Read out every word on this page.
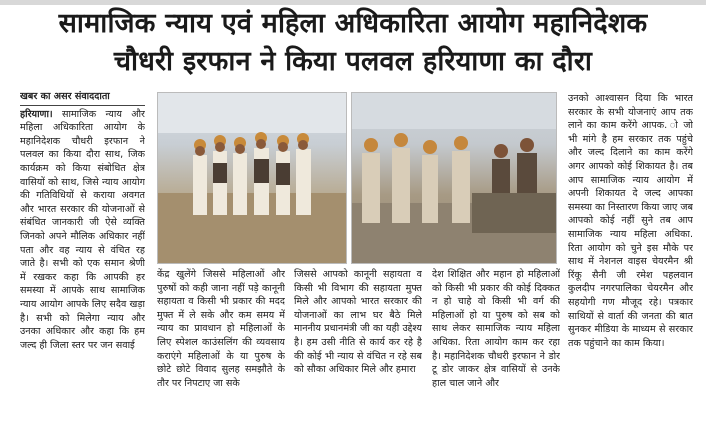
सामाजिक न्याय एवं महिला अधिकारिता आयोग महानिदेशक
चौधरी इरफान ने किया पलवल हरियाणा का दौरा
खबर का असर संवाददाता

हरियाणा। सामाजिक न्याय और महिला अधिकारिता आयोग के महानिदेशक चौधरी इरफान ने पलवल का किया दौरा साथ, जिक कार्यक्रम को किया संबोधित क्षेत्र वासियों को साथ, जिसे न्याय आयोग की गतिविधियों से कराया अवगत और भारत सरकार की योजनाओं से संबंधित जानकारी जी ऐसे व्यक्ति जिनको अपने मौलिक अधिकार नहीं पता और वह न्याय से वंचित रह जाते है। सभी को एक समान श्रेणी में रखकर कहा कि आपकी हर समस्या में आपके साथ सामाजिक न्याय आयोग आपके लिए सदैव खड़ा है। सभी को मिलेगा न्याय और उनका अधिकार और कहा कि हम जल्द ही जिला स्तर पर जन सवाई

केंद्र खुलेंगे जिससे महिलाओं और पुरुषों को कही जाना नहीं पड़े कानूनी सहायता व किसी भी प्रकार की मदद मुफ्त में ले सके और कम समय में न्याय का प्रावधान हो महिलाओं के लिए स्पेशल काउंसलिंग की व्यवसाय कराएंगे महिलाओं के या पुरुष के छोटे छोटे विवाद सुलह समझौते के तौर पर निपटाए जा सके

जिससे आपको कानूनी सहायता व किसी भी विभाग की सहायता मुफ्त मिले और आपको भारत सरकार की योजनाओं का लाभ घर बैठे मिले माननीय प्रधानमंत्री जी का यही उद्देश्य है। हम उसी नीति से कार्य कर रहे है की कोई भी न्याय से वंचित न रहे सब को सौका अधिकार मिले और हमारा

देश शिक्षित और महान हो महिलाओं को किसी भी प्रकार की कोई दिक्कत न हो चाहे वो किसी भी वर्ग की महिलाओं हो या पुरुष को सब को साथ लेकर सामाजिक न्याय महिला अधिका. रिता आयोग काम कर रहा है। महानिदेशक चौधरी इरफान ने डोर टू डोर जाकर क्षेत्र वासियों से उनके हाल चाल जाने और

उनको आश्वासन दिया कि भारत सरकार के सभी योजनाएं आप तक लाने का काम करेंगे आपक. ो जो भी मांगे है हम सरकार तक पहुंचे और जल्द दिलाने का काम करेंगे अगर आपको कोई शिकायत है। तब आप सामाजिक न्याय आयोग में अपनी शिकायत दे जल्द आपका समस्या का निस्तारण किया जाए जब आपको कोई नहीं सुने तब आप सामाजिक न्याय महिला अधिका. रिता आयोग को चुने इस मौके पर साथ में नेशनल वाइस चेयरमैन श्री रिंकू सैनी जी रमेश पहलवान कुलदीप नगरपालिका चेयरमैन और सहयोगी गण मौजूद रहे। पत्रकार साथियों से वार्ता की जनता की बात सुनकर मीडिया के माध्यम से सरकार तक पहुंचाने का काम किया।
